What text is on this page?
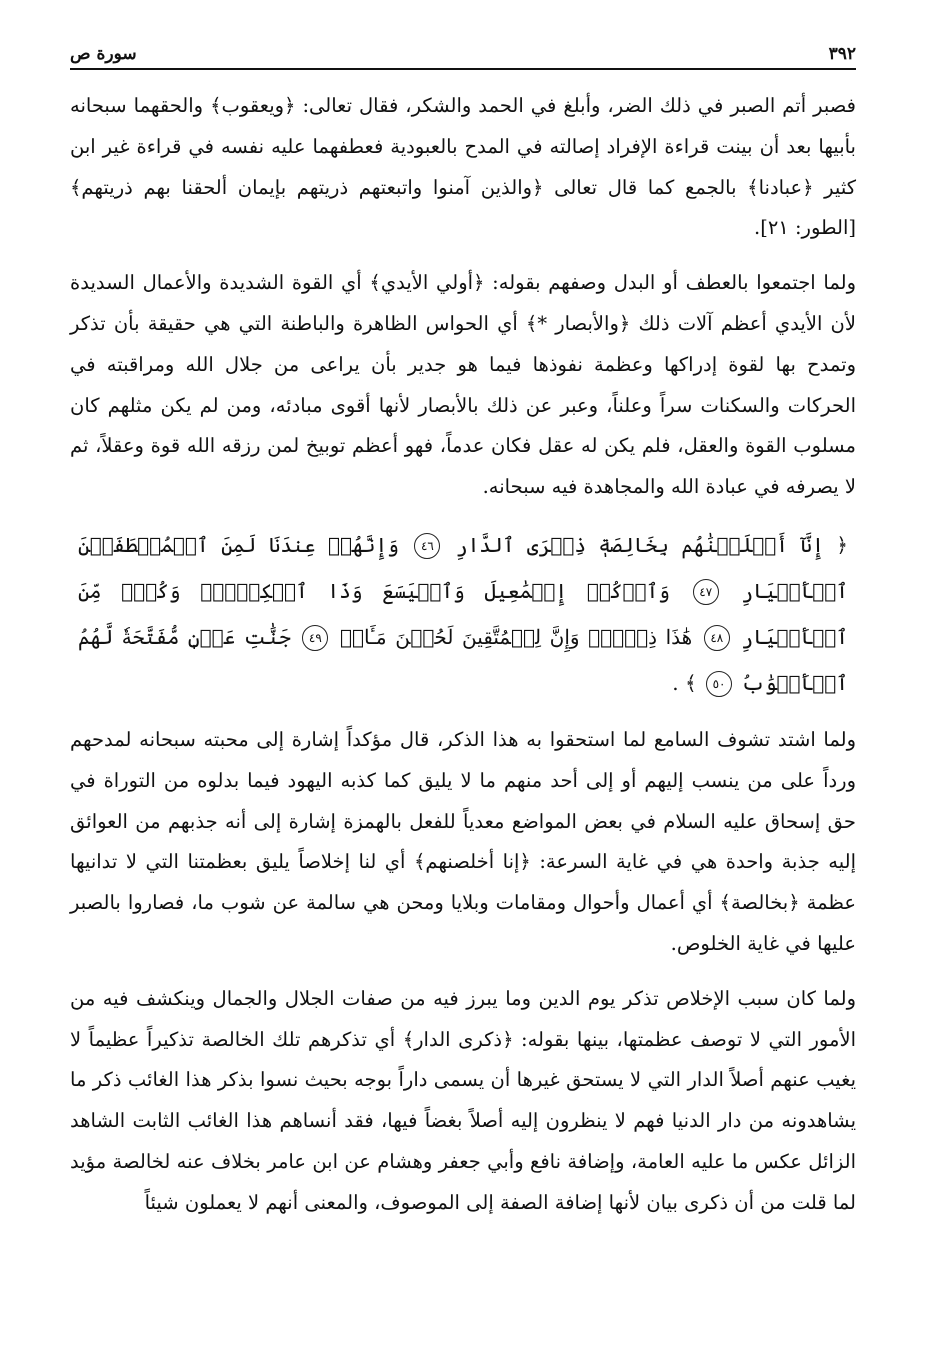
٣٩٢
سورة ص

فصبر أتم الصبر في ذلك الضر، وأبلغ في الحمد والشكر، فقال تعالى: ﴿ويعقوب﴾ والحقهما سبحانه بأبيها بعد أن بينت قراءة الإفراد إصالته في المدح بالعبودية فعطفهما عليه نفسه في قراءة غير ابن كثير ﴿عبادنا﴾ بالجمع كما قال تعالى ﴿والذين آمنوا واتبعتهم ذريتهم بإيمان ألحقنا بهم ذريتهم﴾ [الطور: ٢١].

ولما اجتمعوا بالعطف أو البدل وصفهم بقوله: ﴿أولي الأيدي﴾ أي القوة الشديدة والأعمال السديدة لأن الأيدي أعظم آلات ذلك ﴿والأبصار *﴾ أي الحواس الظاهرة والباطنة التي هي حقيقة بأن تذكر وتمدح بها لقوة إدراكها وعظمة نفوذها فيما هو جدير بأن يراعى من جلال الله ومراقبته في الحركات والسكنات سراً وعلناً، وعبر عن ذلك بالأبصار لأنها أقوى مبادئه، ومن لم يكن مثلهم كان مسلوب القوة والعقل، فلم يكن له عقل فكان عدماً، فهو أعظم توبيخ لمن رزقه الله قوة وعقلاً، ثم لا يصرفه في عبادة الله والمجاهدة فيه سبحانه.

﴿ إِنَّآ أَخۡلَصۡنَٰهُم بِخَالِصَةٖ ذِكۡرَى ٱلدَّارِ ٤٦ وَإِنَّهُمۡ عِندَنَا لَمِنَ ٱلۡمُصۡطَفَيۡنَ ٱلۡأَخۡيَارِ ٤٧ وَٱذۡكُرۡ إِسۡمَٰعِيلَ وَٱلۡيَسَعَ وَذَا ٱلۡكِفۡلِۖ وَكُلّٞ مِّنَ ٱلۡأَخۡيَارِ ٤٨ هَٰذَا ذِكۡرٞۚ وَإِنَّ لِلۡمُتَّقِينَ لَحُسۡنَ مَـَٔابٖ ٤٩ جَنَّٰتِ عَدۡنٖ مُّفَتَّحَةٗ لَّهُمُ ٱلۡأَبۡوَٰبُ ٥٠ ﴾ .

ولما اشتد تشوف السامع لما استحقوا به هذا الذكر، قال مؤكداً إشارة إلى محبته سبحانه لمدحهم ورداً على من ينسب إليهم أو إلى أحد منهم ما لا يليق كما كذبه اليهود فيما بدلوه من التوراة في حق إسحاق عليه السلام في بعض المواضع معدياً للفعل بالهمزة إشارة إلى أنه جذبهم من العوائق إليه جذبة واحدة هي في غاية السرعة: ﴿إنا أخلصنهم﴾ أي لنا إخلاصاً يليق بعظمتنا التي لا تدانيها عظمة ﴿بخالصة﴾ أي أعمال وأحوال ومقامات وبلايا ومحن هي سالمة عن شوب ما، فصاروا بالصبر عليها في غاية الخلوص.

ولما كان سبب الإخلاص تذكر يوم الدين وما يبرز فيه من صفات الجلال والجمال وينكشف فيه من الأمور التي لا توصف عظمتها، بينها بقوله: ﴿ذكرى الدار﴾ أي تذكرهم تلك الخالصة تذكيراً عظيماً لا يغيب عنهم أصلاً الدار التي لا يستحق غيرها أن يسمى داراً بوجه بحيث نسوا بذكر هذا الغائب ذكر ما يشاهدونه من دار الدنيا فهم لا ينظرون إليه أصلاً بغضاً فيها، فقد أنساهم هذا الغائب الثابت الشاهد الزائل عكس ما عليه العامة، وإضافة نافع وأبي جعفر وهشام عن ابن عامر بخلاف عنه لخالصة مؤيد لما قلت من أن ذكرى بيان لأنها إضافة الصفة إلى الموصوف، والمعنى أنهم لا يعملون شيئاً
